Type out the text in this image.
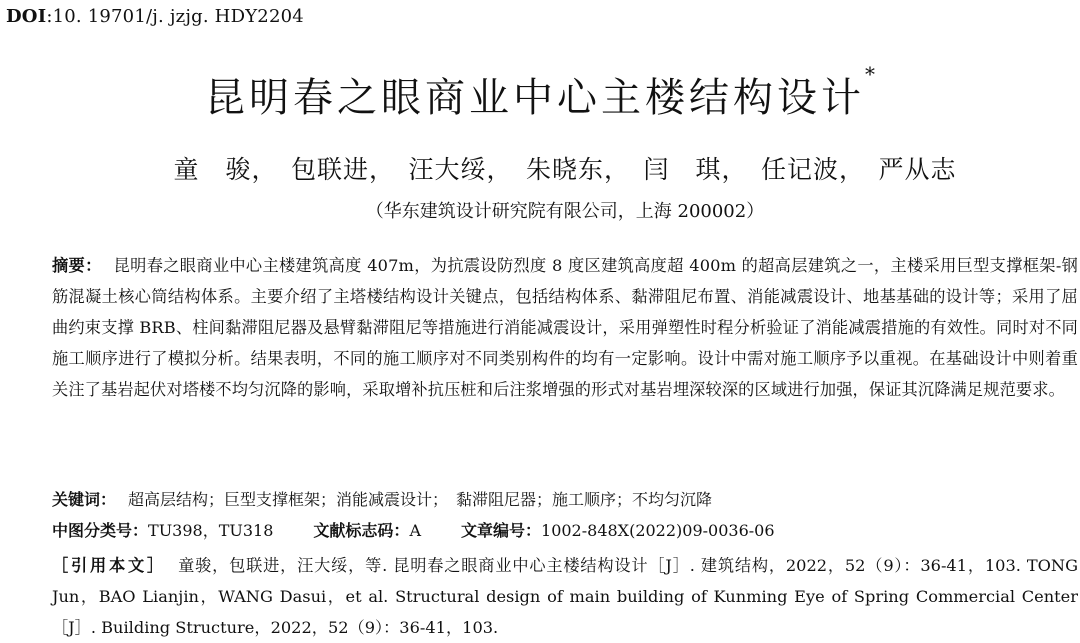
DOI:10. 19701/j. jzjg. HDY2204
昆明春之眼商业中心主楼结构设计*
童　骏，　包联进，　汪大绥，　朱晓东，　闫　琪，　任记波，　严从志
（华东建筑设计研究院有限公司，上海 200002）
摘要： 昆明春之眼商业中心主楼建筑高度 407m，为抗震设防烈度 8 度区建筑高度超 400m 的超高层建筑之一，主楼采用巨型支撑框架-钢筋混凝土核心筒结构体系。主要介绍了主塔楼结构设计关键点，包括结构体系、黏滞阻尼布置、消能减震设计、地基基础的设计等；采用了屈曲约束支撑 BRB、柱间黏滞阻尼器及悬臂黏滞阻尼等措施进行消能减震设计，采用弹塑性时程分析验证了消能减震措施的有效性。同时对不同施工顺序进行了模拟分析。结果表明，不同的施工顺序对不同类别构件的均有一定影响。设计中需对施工顺序予以重视。在基础设计中则着重关注了基岩起伏对塔楼不均匀沉降的影响，采取增补抗压桩和后注浆增强的形式对基岩埋深较深的区域进行加强，保证其沉降满足规范要求。
关键词： 超高层结构；巨型支撑框架；消能减震设计；　黏滞阻尼器；施工顺序；不均匀沉降
中图分类号：TU398，TU318	文献标志码：A	文章编号：1002-848X(2022)09-0036-06
［引用本文］ 童骏，包联进，汪大绥，等. 昆明春之眼商业中心主楼结构设计［J］. 建筑结构，2022，52（9）：36-41，103. TONG Jun，BAO Lianjin，WANG Dasui，et al. Structural design of main building of Kunming Eye of Spring Commercial Center［J］. Building Structure，2022，52（9）：36-41，103.
